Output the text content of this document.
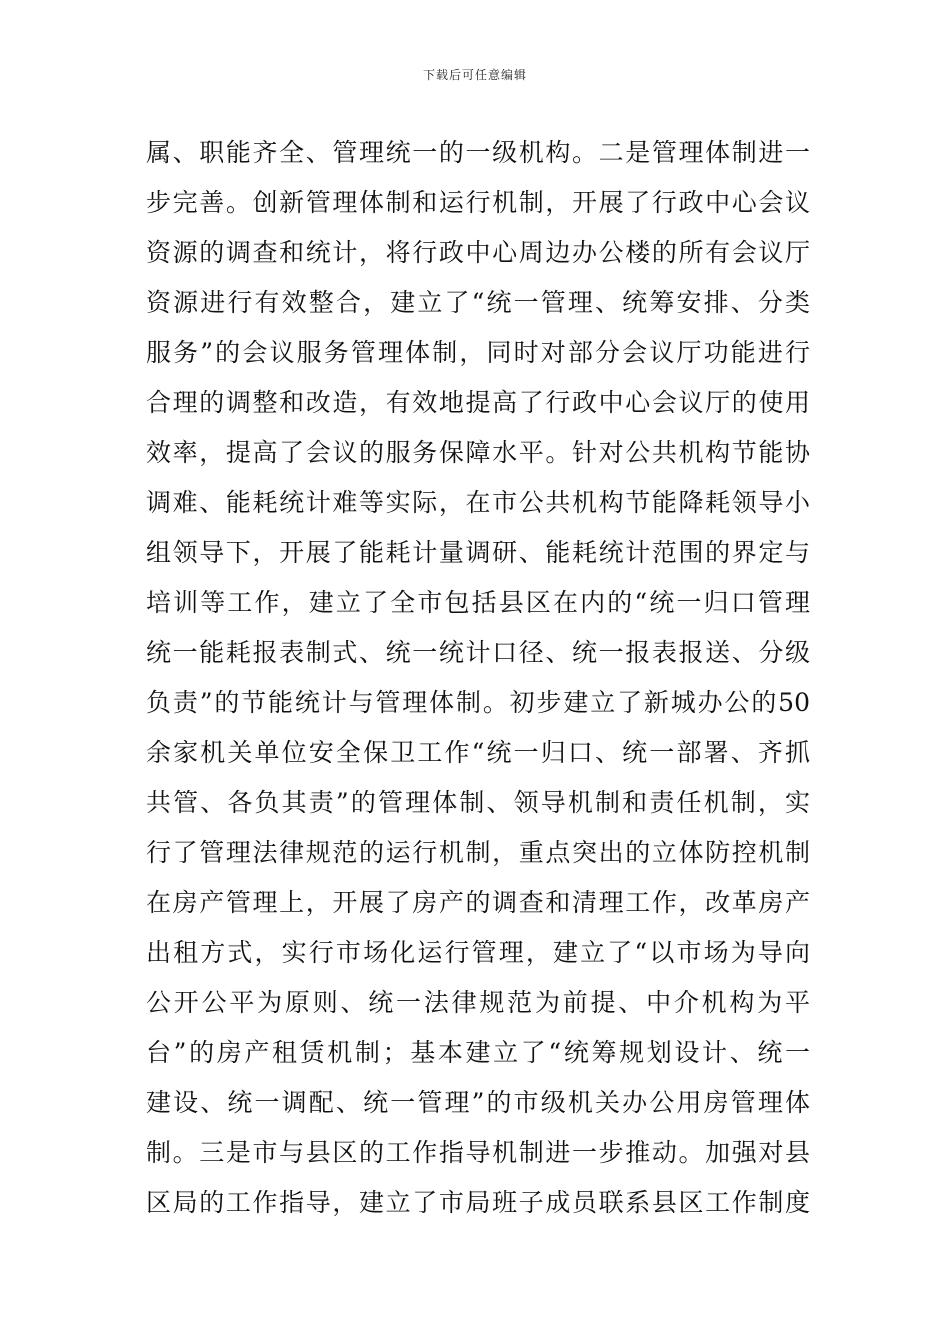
下载后可任意编辑
属、职能齐全、管理统一的一级机构。二是管理体制进一
步完善。创新管理体制和运行机制，开展了行政中心会议
资源的调查和统计，将行政中心周边办公楼的所有会议厅
资源进行有效整合，建立了“统一管理、统筹安排、分类
服务”的会议服务管理体制，同时对部分会议厅功能进行
合理的调整和改造，有效地提高了行政中心会议厅的使用
效率，提高了会议的服务保障水平。针对公共机构节能协
调难、能耗统计难等实际，在市公共机构节能降耗领导小
组领导下，开展了能耗计量调研、能耗统计范围的界定与
培训等工作，建立了全市包括县区在内的“统一归口管理
统一能耗报表制式、统一统计口径、统一报表报送、分级
负责”的节能统计与管理体制。初步建立了新城办公的50
余家机关单位安全保卫工作“统一归口、统一部署、齐抓
共管、各负其责”的管理体制、领导机制和责任机制，实
行了管理法律规范的运行机制，重点突出的立体防控机制
在房产管理上，开展了房产的调查和清理工作，改革房产
出租方式，实行市场化运行管理，建立了“以市场为导向
公开公平为原则、统一法律规范为前提、中介机构为平
台”的房产租赁机制；基本建立了“统筹规划设计、统一
建设、统一调配、统一管理”的市级机关办公用房管理体
制。三是市与县区的工作指导机制进一步推动。加强对县
区局的工作指导，建立了市局班子成员联系县区工作制度
